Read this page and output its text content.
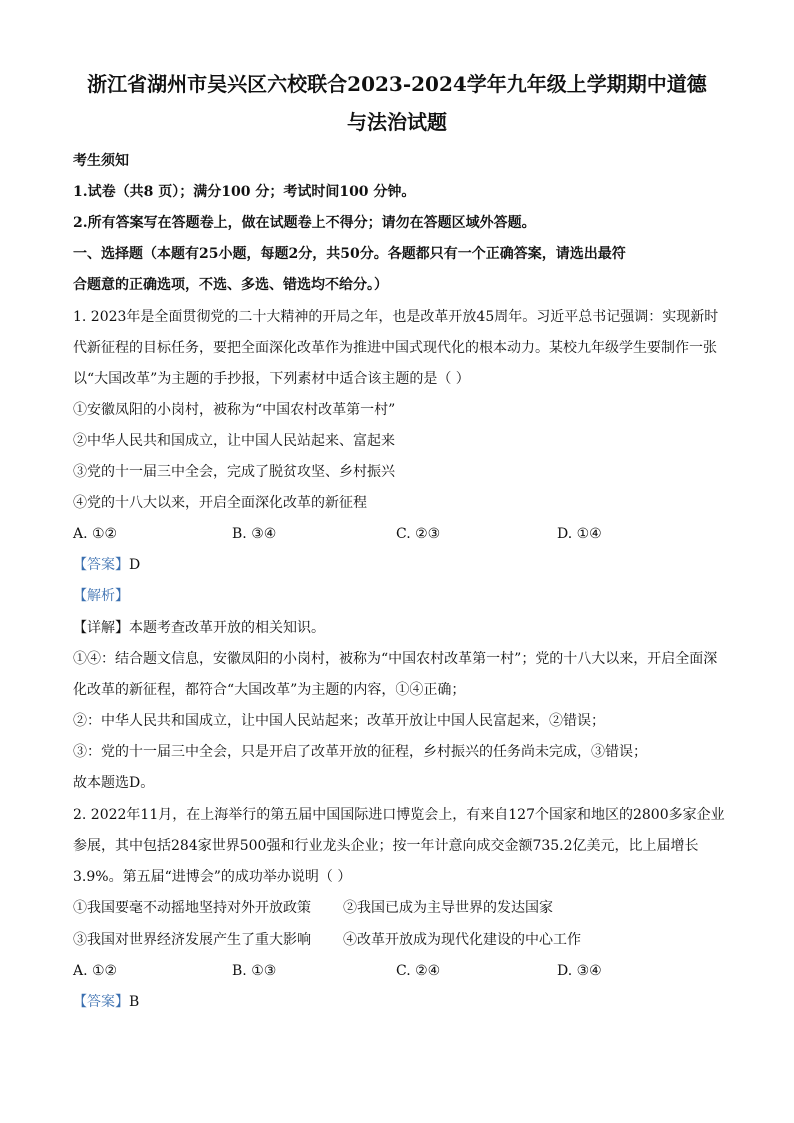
浙江省湖州市吴兴区六校联合2023-2024学年九年级上学期期中道德
与法治试题
考生须知
1.试卷（共8 页）；满分100 分；考试时间100 分钟。
2.所有答案写在答题卷上，做在试题卷上不得分；请勿在答题区域外答题。
一、选择题（本题有25小题，每题2分，共50分。各题都只有一个正确答案，请选出最符
合题意的正确选项，不选、多选、错选均不给分。）
1. 2023年是全面贯彻党的二十大精神的开局之年，也是改革开放45周年。习近平总书记强调：实现新时
代新征程的目标任务，要把全面深化改革作为推进中国式现代化的根本动力。某校九年级学生要制作一张
以“大国改革”为主题的手抄报，下列素材中适合该主题的是（ ）
①安徽凤阳的小岗村，被称为“中国农村改革第一村”
②中华人民共和国成立，让中国人民站起来、富起来
③党的十一届三中全会，完成了脱贫攻坚、乡村振兴
④党的十八大以来，开启全面深化改革的新征程
A. ①②	B. ③④	C. ②③	D. ①④
【答案】D
【解析】
【详解】本题考查改革开放的相关知识。
①④：结合题文信息，安徽凤阳的小岗村，被称为“中国农村改革第一村”；党的十八大以来，开启全面深
化改革的新征程，都符合“大国改革”为主题的内容，①④正确；
②：中华人民共和国成立，让中国人民站起来；改革开放让中国人民富起来，②错误；
③：党的十一届三中全会，只是开启了改革开放的征程，乡村振兴的任务尚未完成，③错误；
故本题选D。
2. 2022年11月，在上海举行的第五届中国国际进口博览会上，有来自127个国家和地区的2800多家企业
参展，其中包括284家世界500强和行业龙头企业；按一年计意向成交金额735.2亿美元，比上届增长
3.9%。第五届“进博会”的成功举办说明（ ）
①我国要毫不动摇地坚持对外开放政策 ②我国已成为主导世界的发达国家
③我国对世界经济发展产生了重大影响 ④改革开放成为现代化建设的中心工作
A. ①②	B. ①③	C. ②④	D. ③④
【答案】B
